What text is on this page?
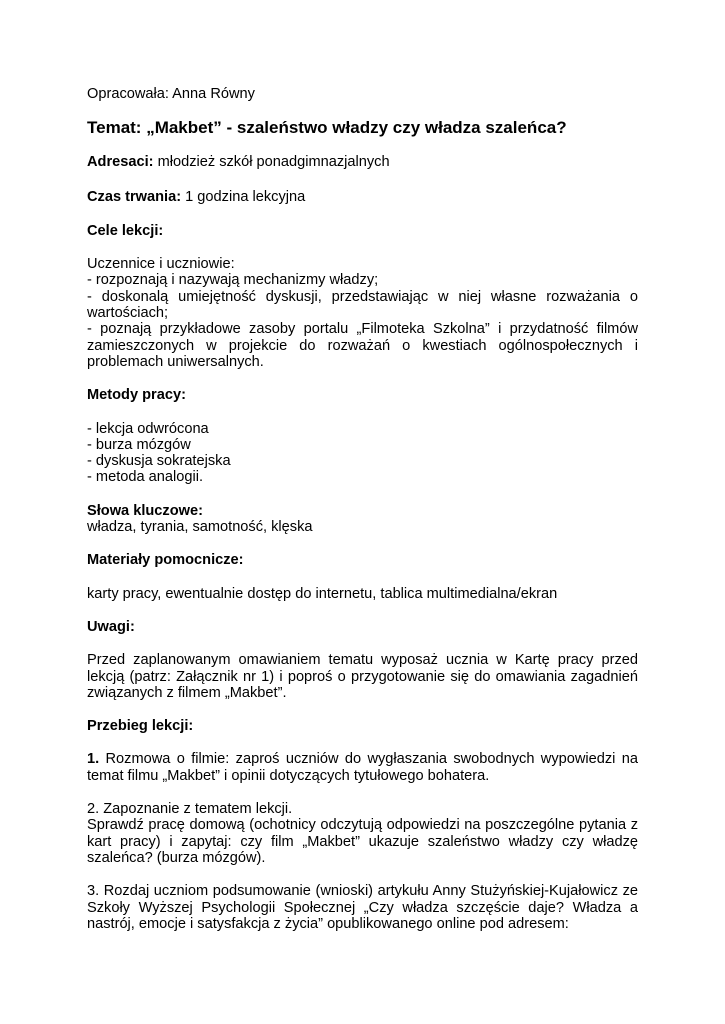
Opracowała: Anna Równy
Temat: „Makbet” - szaleństwo władzy czy władza szaleńca?
Adresaci: młodzież szkół ponadgimnazjalnych
Czas trwania: 1 godzina lekcyjna
Cele lekcji:
Uczennice i uczniowie:
- rozpoznają i nazywają mechanizmy władzy;
- doskonalą umiejętność dyskusji, przedstawiając w niej własne rozważania o wartościach;
- poznają przykładowe zasoby portalu „Filmoteka Szkolna” i przydatność filmów zamieszczonych w projekcie do rozważań o kwestiach ogólnospołecznych i problemach uniwersalnych.
Metody pracy:
- lekcja odwrócona
- burza mózgów
- dyskusja sokratejska
- metoda analogii.
Słowa kluczowe:
władza, tyrania, samotność, klęska
Materiały pomocnicze:
karty pracy, ewentualnie dostęp do internetu, tablica multimedialna/ekran
Uwagi:
Przed zaplanowanym omawianiem tematu wyposaż ucznia w Kartę pracy przed lekcją (patrz: Załącznik nr 1) i poproś o przygotowanie się do omawiania zagadnień związanych z filmem „Makbet”.
Przebieg lekcji:
1. Rozmowa o filmie: zaproś uczniów do wygłaszania swobodnych wypowiedzi na temat filmu „Makbet” i opinii dotyczących tytułowego bohatera.
2. Zapoznanie z tematem lekcji.
Sprawdź pracę domową (ochotnicy odczytują odpowiedzi na poszczególne pytania z kart pracy) i zapytaj: czy film „Makbet” ukazuje szaleństwo władzy czy władzę szaleńca? (burza mózgów).
3. Rozdaj uczniom podsumowanie (wnioski) artykułu Anny Stużyńskiej-Kujałowicz ze Szkoły Wyższej Psychologii Społecznej „Czy władza szczęście daje? Władza a nastrój, emocje i satysfakcja z życia” opublikowanego online pod adresem:
